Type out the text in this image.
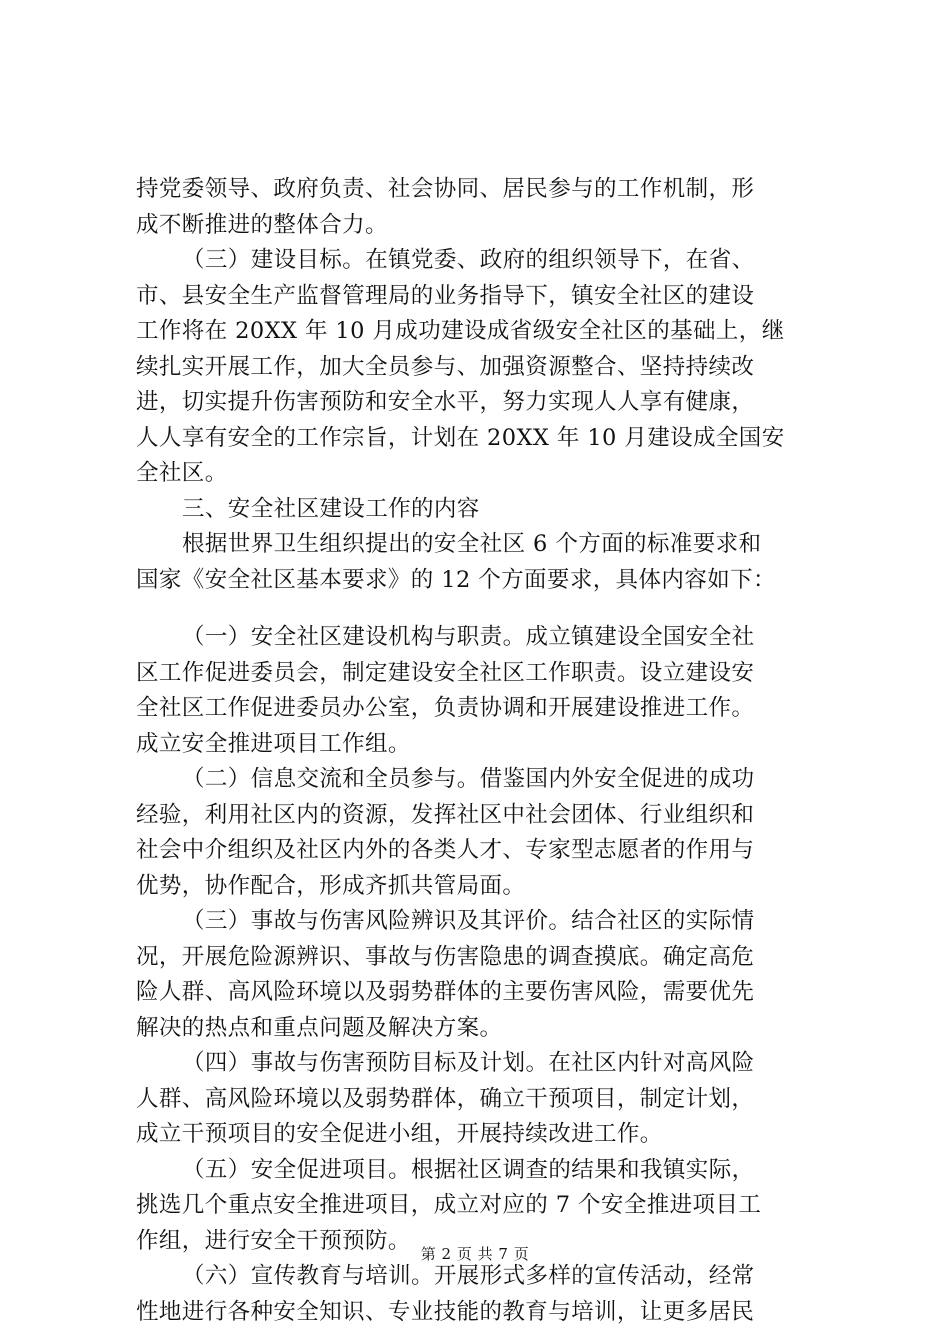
持党委领导、政府负责、社会协同、居民参与的工作机制，形
成不断推进的整体合力。
（三）建设目标。在镇党委、政府的组织领导下，在省、
市、县安全生产监督管理局的业务指导下，镇安全社区的建设
工作将在 20XX 年 10 月成功建设成省级安全社区的基础上，继
续扎实开展工作，加大全员参与、加强资源整合、坚持持续改
进，切实提升伤害预防和安全水平，努力实现人人享有健康，
人人享有安全的工作宗旨，计划在 20XX 年 10 月建设成全国安
全社区。
三、安全社区建设工作的内容
根据世界卫生组织提出的安全社区 6 个方面的标准要求和
国家《安全社区基本要求》的 12 个方面要求，具体内容如下：
（一）安全社区建设机构与职责。成立镇建设全国安全社
区工作促进委员会，制定建设安全社区工作职责。设立建设安
全社区工作促进委员办公室，负责协调和开展建设推进工作。
成立安全推进项目工作组。
（二）信息交流和全员参与。借鉴国内外安全促进的成功
经验，利用社区内的资源，发挥社区中社会团体、行业组织和
社会中介组织及社区内外的各类人才、专家型志愿者的作用与
优势，协作配合，形成齐抓共管局面。
（三）事故与伤害风险辨识及其评价。结合社区的实际情
况，开展危险源辨识、事故与伤害隐患的调查摸底。确定高危
险人群、高风险环境以及弱势群体的主要伤害风险，需要优先
解决的热点和重点问题及解决方案。
（四）事故与伤害预防目标及计划。在社区内针对高风险
人群、高风险环境以及弱势群体，确立干预项目，制定计划，
成立干预项目的安全促进小组，开展持续改进工作。
（五）安全促进项目。根据社区调查的结果和我镇实际，
挑选几个重点安全推进项目，成立对应的 7 个安全推进项目工
作组，进行安全干预预防。
（六）宣传教育与培训。开展形式多样的宣传活动，经常
性地进行各种安全知识、专业技能的教育与培训，让更多居民
第 2 页 共 7 页
